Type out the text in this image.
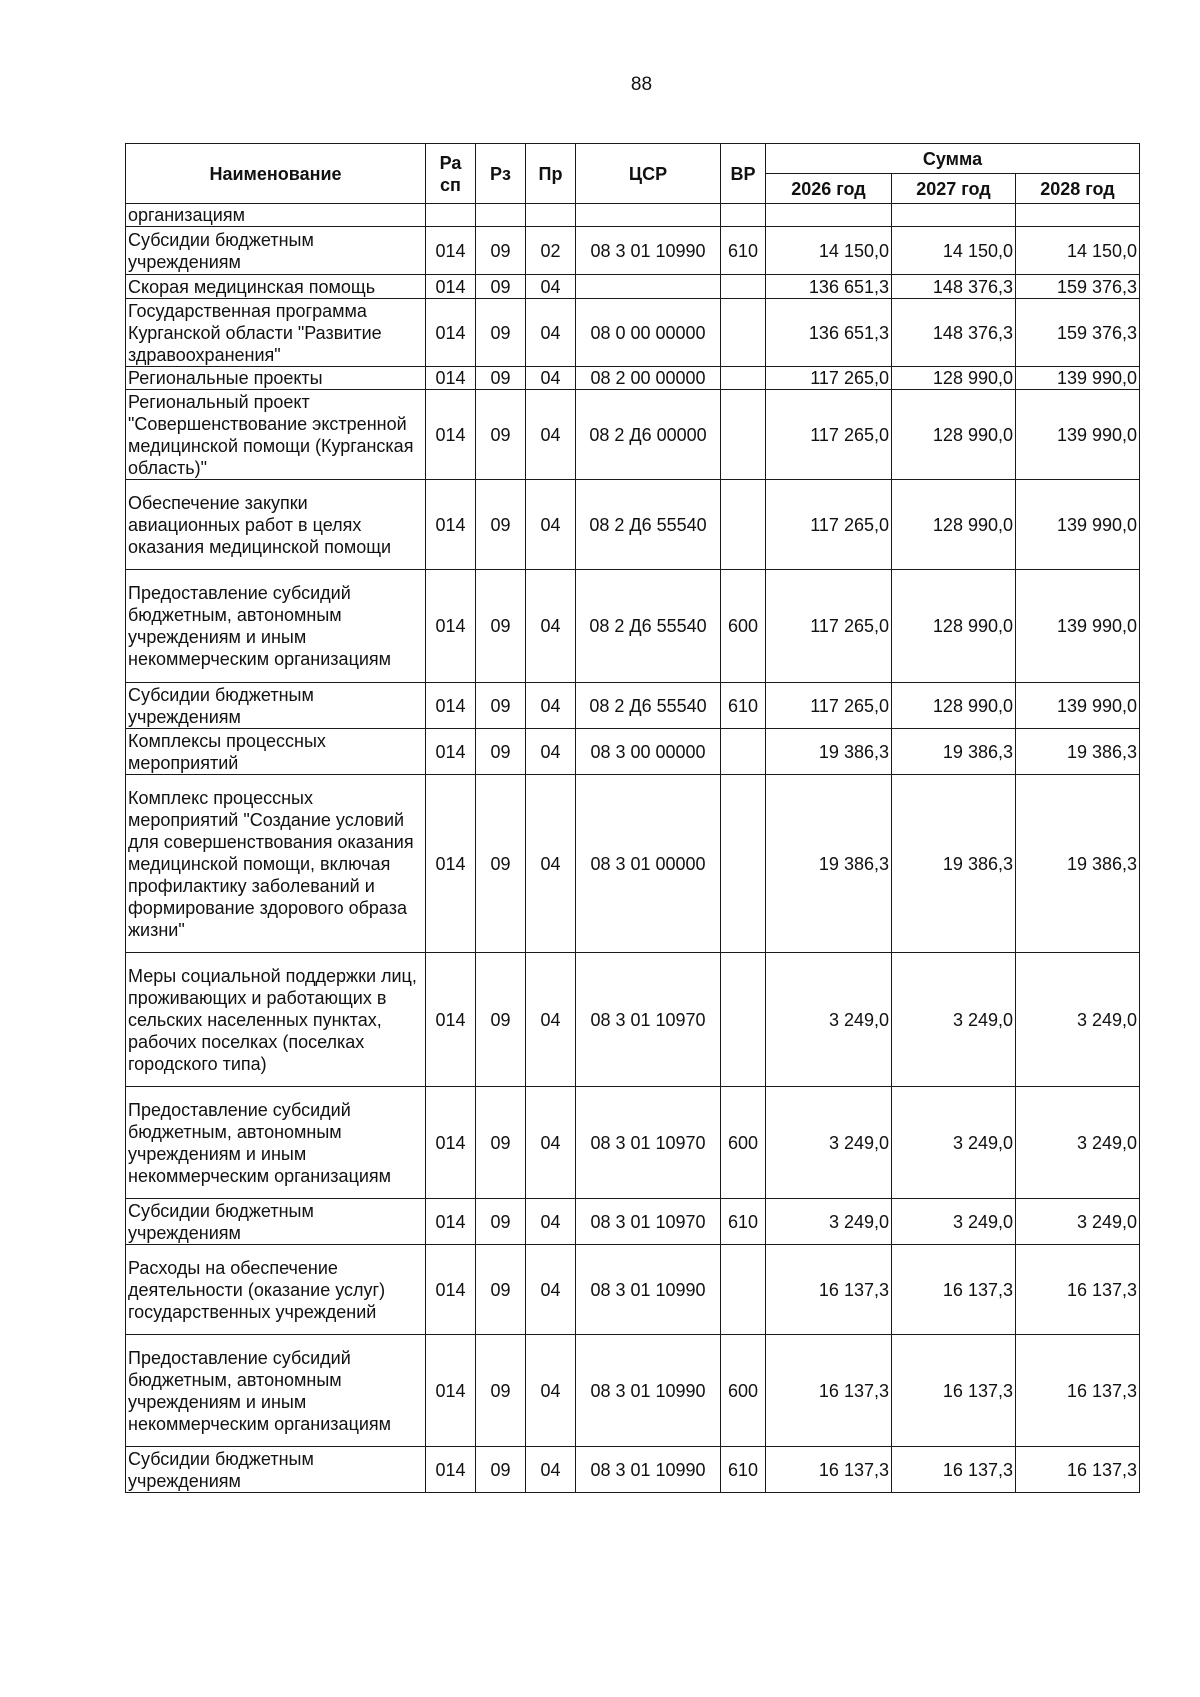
88
Наименование	Ра сп	Рз	Пр	ЦСР	ВР	Сумма		
						2026 год	2027 год	2028 год
организациям								
Субсидии бюджетным учреждениям	014	09	02	08 3 01 10990	610	14 150,0	14 150,0	14 150,0
Скорая медицинская помощь	014	09	04			136 651,3	148 376,3	159 376,3
Государственная программа Курганской области "Развитие здравоохранения"	014	09	04	08 0 00 00000		136 651,3	148 376,3	159 376,3
Региональные проекты	014	09	04	08 2 00 00000		117 265,0	128 990,0	139 990,0
Региональный проект "Совершенствование экстренной медицинской помощи (Курганская область)"	014	09	04	08 2 Д6 00000		117 265,0	128 990,0	139 990,0
Обеспечение закупки авиационных работ в целях оказания медицинской помощи	014	09	04	08 2 Д6 55540		117 265,0	128 990,0	139 990,0
Предоставление субсидий бюджетным, автономным учреждениям и иным некоммерческим организациям	014	09	04	08 2 Д6 55540	600	117 265,0	128 990,0	139 990,0
Субсидии бюджетным учреждениям	014	09	04	08 2 Д6 55540	610	117 265,0	128 990,0	139 990,0
Комплексы процессных мероприятий	014	09	04	08 3 00 00000		19 386,3	19 386,3	19 386,3
Комплекс процессных мероприятий "Создание условий для совершенствования оказания медицинской помощи, включая профилактику заболеваний и формирование здорового образа жизни"	014	09	04	08 3 01 00000		19 386,3	19 386,3	19 386,3
Меры социальной поддержки лиц, проживающих и работающих в сельских населенных пунктах, рабочих поселках (поселках городского типа)	014	09	04	08 3 01 10970		3 249,0	3 249,0	3 249,0
Предоставление субсидий бюджетным, автономным учреждениям и иным некоммерческим организациям	014	09	04	08 3 01 10970	600	3 249,0	3 249,0	3 249,0
Субсидии бюджетным учреждениям	014	09	04	08 3 01 10970	610	3 249,0	3 249,0	3 249,0
Расходы на обеспечение деятельности (оказание услуг) государственных учреждений	014	09	04	08 3 01 10990		16 137,3	16 137,3	16 137,3
Предоставление субсидий бюджетным, автономным учреждениям и иным некоммерческим организациям	014	09	04	08 3 01 10990	600	16 137,3	16 137,3	16 137,3
Субсидии бюджетным учреждениям	014	09	04	08 3 01 10990	610	16 137,3	16 137,3	16 137,3
